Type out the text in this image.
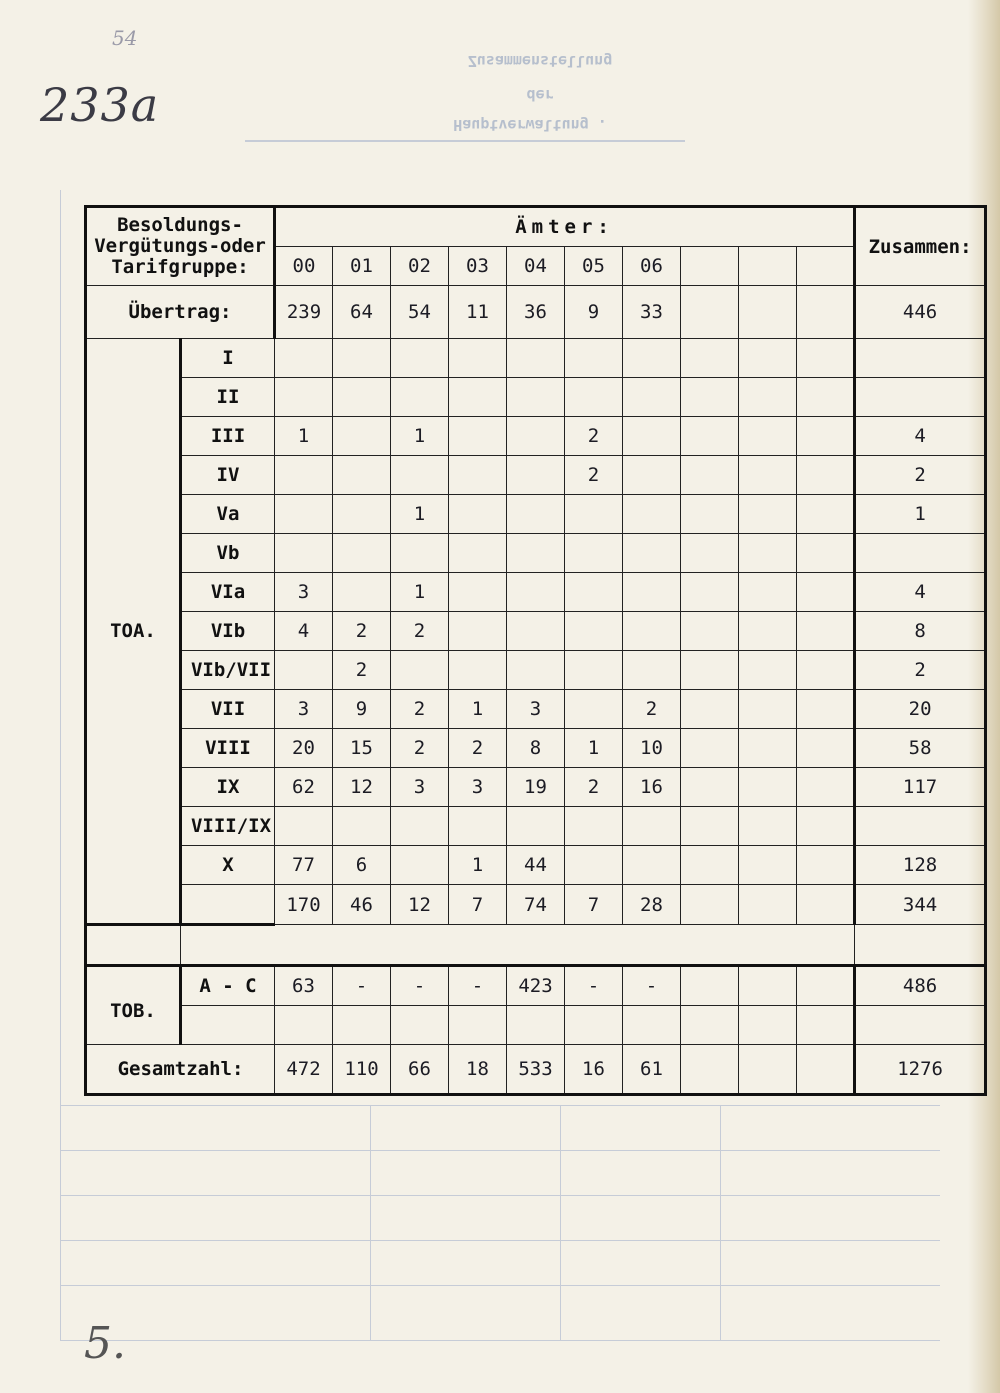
Zusammenstellung
der
Hauptverwaltung .
54
233a
5.
Besoldungs-Vergütungs-oder Tarifgruppe:		Ämter:										Zusammen:
		00	01	02	03	04	05	06				
Übertrag:		239	64	54	11	36	9	33				446
TOA.	I											
	II											
	III	1		1			2					4
	IV						2					2
	Va			1								1
	Vb											
	VIa	3		1								4
	VIb	4	2	2								8
	VIb/VII		2									2
	VII	3	9	2	1	3		2				20
	VIII	20	15	2	2	8	1	10				58
	IX	62	12	3	3	19	2	16				117
	VIII/IX											
	X	77	6		1	44						128
		170	46	12	7	74	7	28				344

TOB.	A - C	63	-	-	-	423	-	-				486

Gesamtzahl:		472	110	66	18	533	16	61				1276
